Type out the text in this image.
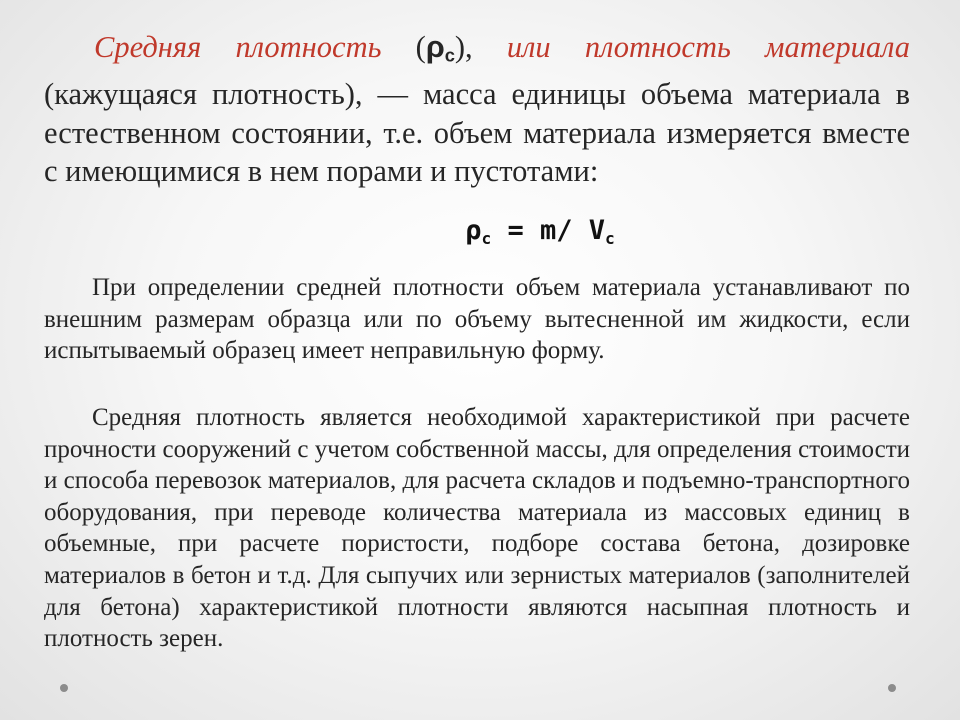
Средняя плотность $(\rho_с)$, или плотность материала (кажущаяся плотность), — масса единицы объема материала в естественном состоянии, т.е. объем материала измеряется вместе с имеющимися в нем порами и пустотами:

$\rho_с = m/$ $V_с$

При определении средней плотности объем материала устанавливают по внешним размерам образца или по объему вытесненной им жидкости, если испытываемый образец имеет неправильную форму.

Средняя плотность является необходимой характеристикой при расчете прочности сооружений с учетом собственной массы, для определения стоимости и способа перевозок материалов, для расчета складов и подъемно-транспортного оборудования, при переводе количества материала из массовых единиц в объемные, при расчете пористости, подборе состава бетона, дозировке материалов в бетон и т.д. Для сыпучих или зернистых материалов (заполнителей для бетона) характеристикой плотности являются насыпная плотность и плотность зерен.
